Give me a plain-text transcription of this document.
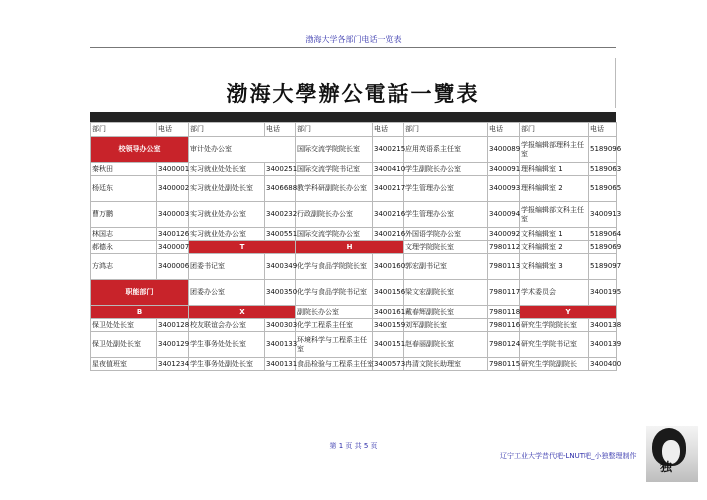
渤海大学各部门电话一览表
渤海大學辦公電話一覽表
部门	电话	部门	电话	部门	电话	部门	电话	部门	电话
校领导办公室		审计处办公室		国际交流学院院长室	3400215	应用英语系主任室	3400089	学报编辑部理科主任室	5189096
秦秋田	3400001	实习就业处处长室	3400251	国际交流学院书记室	3400410	学生副院长办公室	3400091	理科编辑室 1	5189063
杨廷东	3400002	实习就业处副处长室	3406688	教学科研副院长办公室	3400217	学生管理办公室	3400093	理科编辑室 2	5189065
曹万鹏	3400003	实习就业处办公室	3400232	行政副院长办公室	3400216	学生管理办公室	3400094	学报编辑部文科主任室	3400913
林国志	3400126	实习就业处办公室	3400551	国际交流学院办公室	3400216	外国语学院办公室	3400092	文科编辑室 1	5189064
郝德永	3400007	T		H		文理学院院长室	7980112	文科编辑室 2	5189069
方鸿志	3400006	团委书记室	3400349	化学与食品学院院长室	3400160	郭宏副书记室	7980113	文科编辑室 3	5189097
职能部门		团委办公室	3400350	化学与食品学院书记室	3400156	梁文宏副院长室	7980117	学术委员会	3400195
B		X		副院长办公室	3400161	戴春辉副院长室	7980118	Y	
保卫处处长室	3400128	校友联谊会办公室	3400303	化学工程系主任室	3400159	刘军副院长室	7980116	研究生学院院长室	3400138
保卫处副处长室	3400129	学生事务处处长室	3400133	环境科学与工程系主任室	3400151	赵春丽副院长室	7980124	研究生学院书记室	3400139
星夜值班室	3401234	学生事务处副处长室	3400131	食品检验与工程系主任室	3400573	冉清文院长助理室	7980115	研究生学院副院长	3400400
第 1 页 共 5 页
辽宁工业大学昔代吧-LNUT吧_小独整理制作
独
